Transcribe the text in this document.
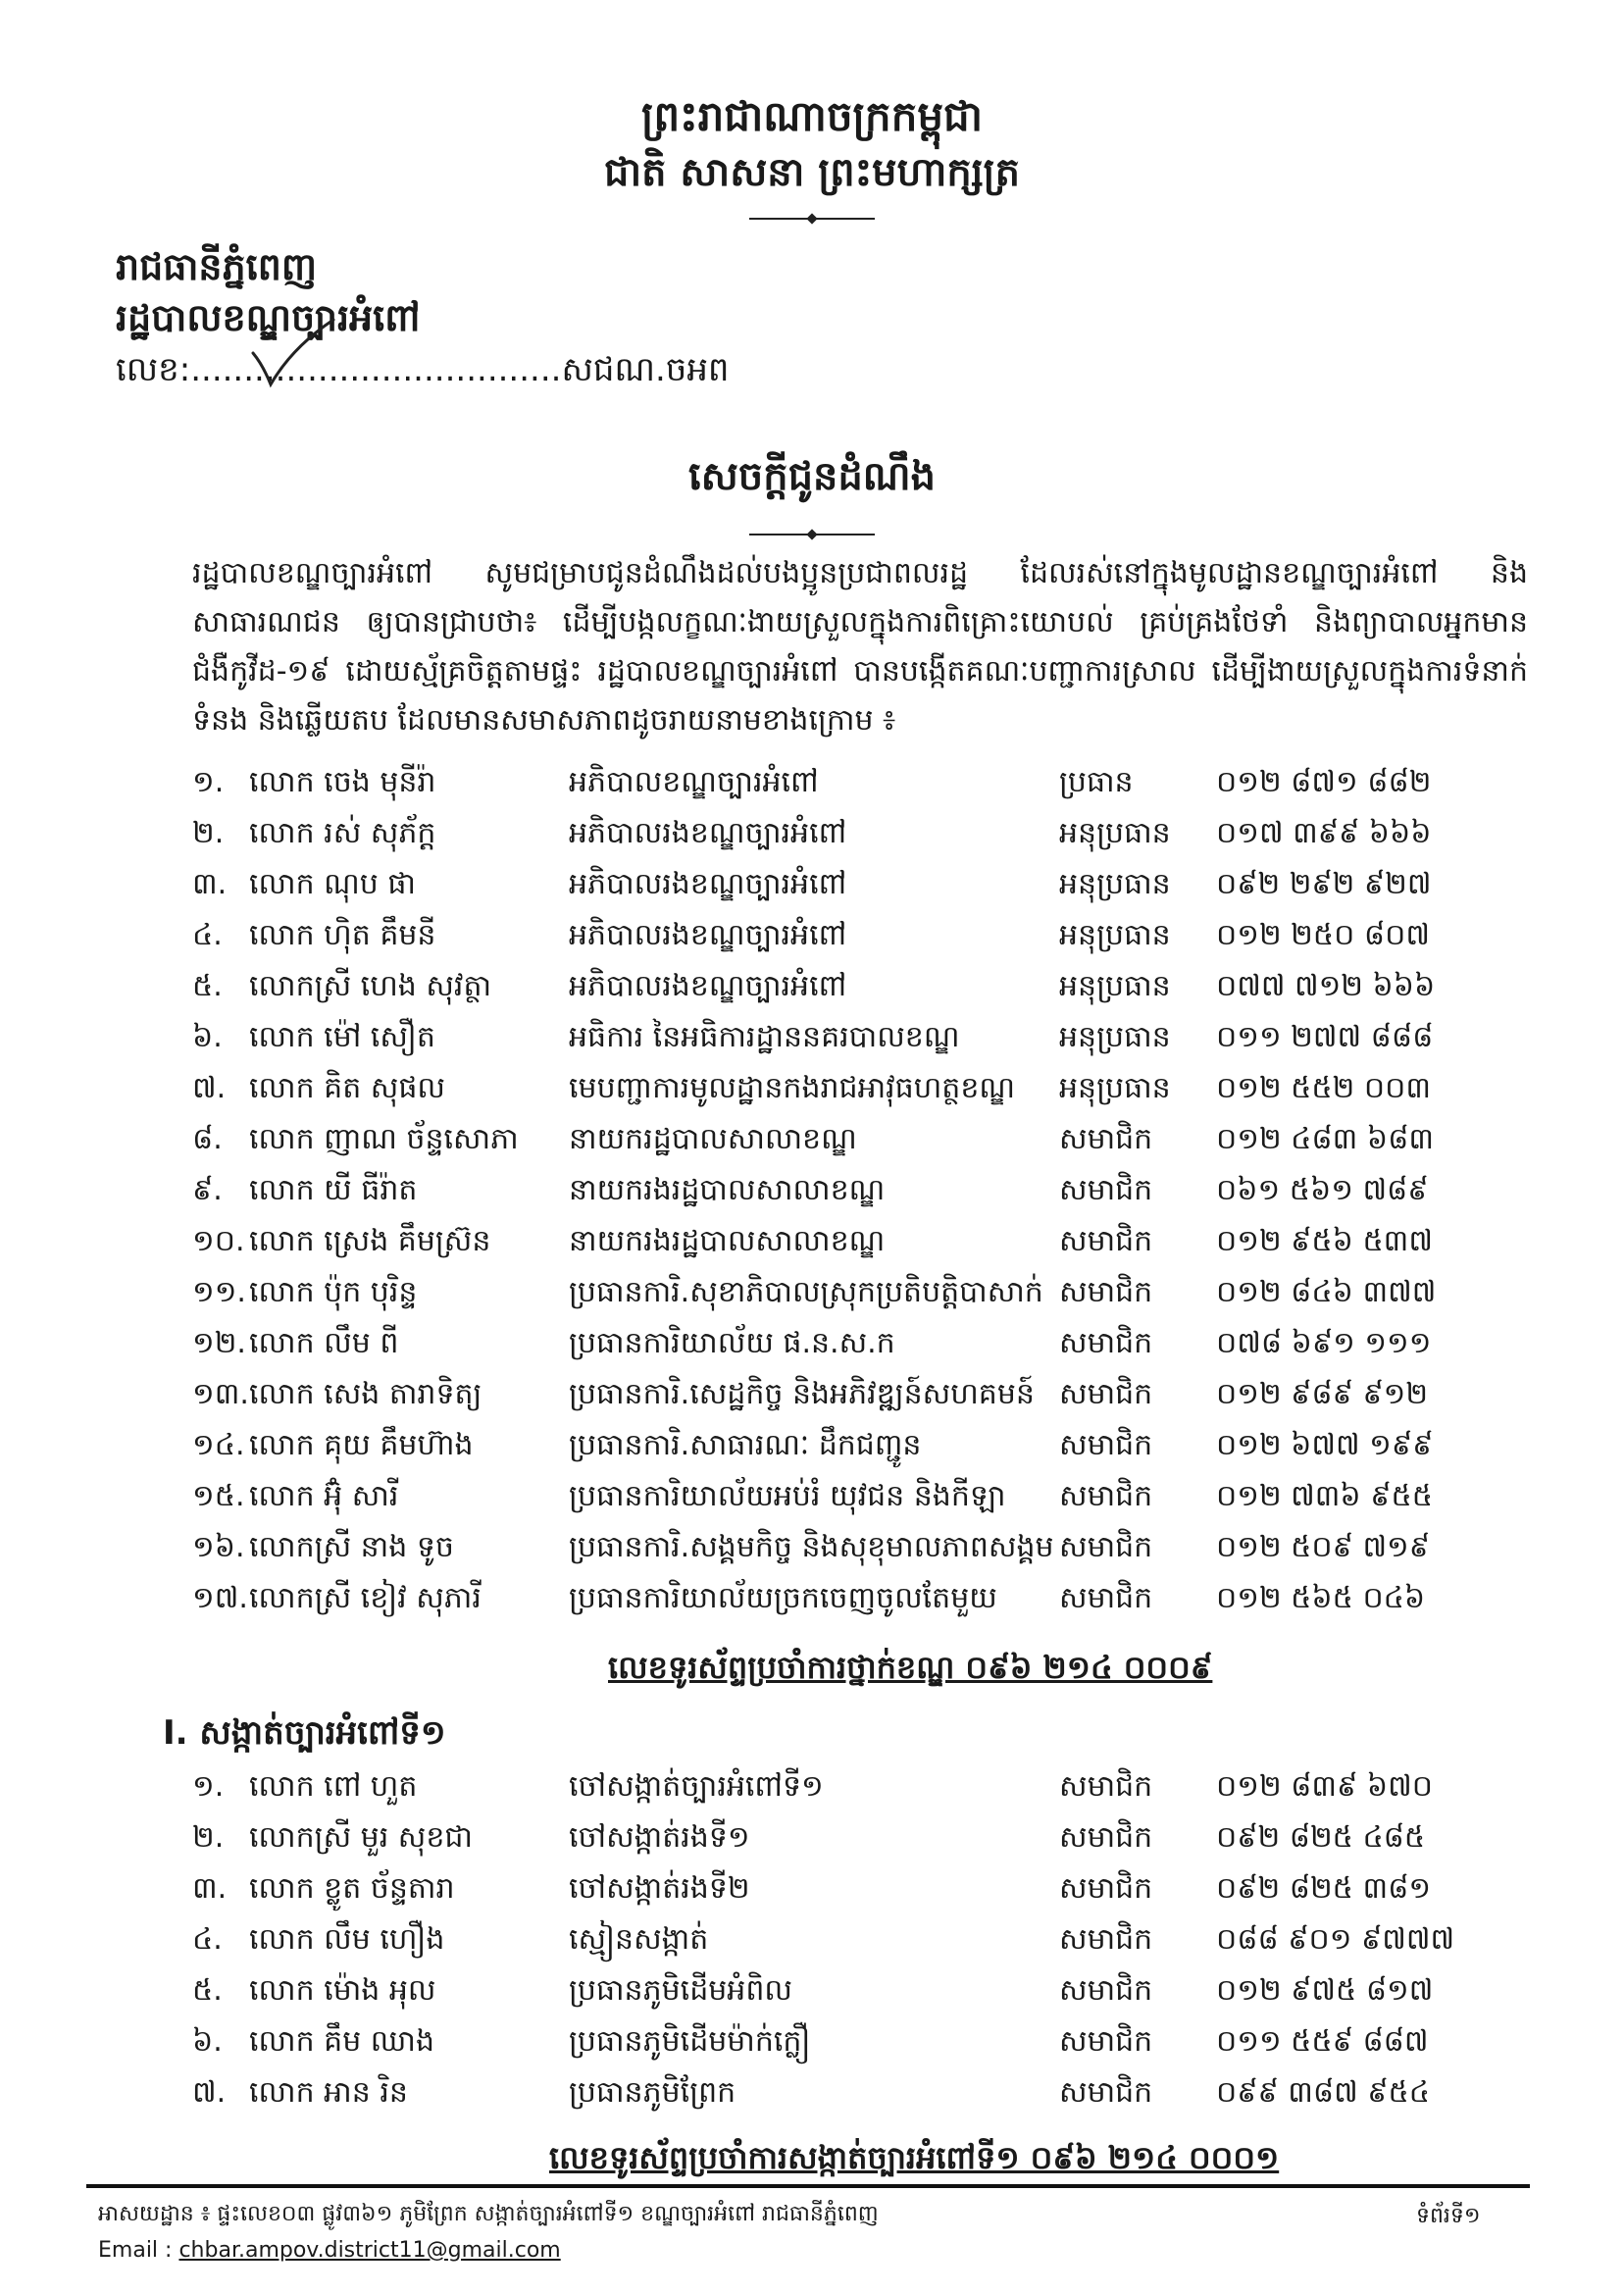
ព្រះរាជាណាចក្រកម្ពុជា
ជាតិ សាសនា ព្រះមហាក្សត្រ
រាជធានីភ្នំពេញ
រដ្ឋបាលខណ្ឌច្បារអំពៅ
លេខ:...................................សជណ.ចអព
សេចក្តីជូនដំណឹង
រដ្ឋបាលខណ្ឌច្បារអំពៅ សូមជម្រាបជូនដំណឹងដល់បងប្អូនប្រជាពលរដ្ឋ ដែលរស់នៅក្នុងមូលដ្ឋានខណ្ឌច្បារអំពៅ និងសាធារណជន ឲ្យបានជ្រាបថា៖ ដើម្បីបង្កលក្ខណៈងាយស្រួលក្នុងការពិគ្រោះយោបល់ គ្រប់គ្រងថែទាំ និងព្យាបាលអ្នកមានជំងឺកូវីដ-១៩ ដោយស្ម័គ្រចិត្តតាមផ្ទះ រដ្ឋបាលខណ្ឌច្បារអំពៅ បានបង្កើតគណៈបញ្ជាការស្រាល ដើម្បីងាយស្រួលក្នុងការទំនាក់ទំនង និងឆ្លើយតប ដែលមានសមាសភាពដូចរាយនាមខាងក្រោម ៖
១. លោក ចេង មុនីរ៉ា	អភិបាលខណ្ឌច្បារអំពៅ	ប្រធាន	០១២ ៨៧១ ៨៨២
២. លោក រស់ សុភ័ក្ត	អភិបាលរងខណ្ឌច្បារអំពៅ	អនុប្រធាន ០១៧ ៣៩៩ ៦៦៦
៣. លោក ណុប ផា	អភិបាលរងខណ្ឌច្បារអំពៅ	អនុប្រធាន ០៩២ ២៩២ ៩២៧
៤. លោក ហ៊ិត គឹមនី	អភិបាលរងខណ្ឌច្បារអំពៅ	អនុប្រធាន ០១២ ២៥០ ៨០៧
៥. លោកស្រី ហេង សុវត្ថា	អភិបាលរងខណ្ឌច្បារអំពៅ	អនុប្រធាន ០៧៧ ៧១២ ៦៦៦
៦. លោក ម៉ៅ សឿត	អធិការ នៃអធិការដ្ឋាននគរបាលខណ្ឌ	អនុប្រធាន ០១១ ២៧៧ ៨៨៨
៧. លោក គិត សុផល	មេបញ្ជាការមូលដ្ឋានកងរាជអាវុធហត្ថខណ្ឌ អនុប្រធាន ០១២ ៥៥២ ០០៣
៨. លោក ញាណ ច័ន្ទសោភា នាយករដ្ឋបាលសាលាខណ្ឌ	សមាជិក ០១២ ៤៨៣ ៦៨៣
៩. លោក យី ធីរ៉ាត	នាយករងរដ្ឋបាលសាលាខណ្ឌ	សមាជិក ០៦១ ៥៦១ ៧៨៩
១០. លោក ស្រេង គឹមស្រ៊ន	នាយករងរដ្ឋបាលសាលាខណ្ឌ	សមាជិក ០១២ ៩៥៦ ៥៣៧
១១. លោក ប៉ុក បុរិន្ទ	ប្រធានការិ.សុខាភិបាលស្រុកប្រតិបត្តិបាសាក់ សមាជិក ០១២ ៨៤៦ ៣៧៧
១២. លោក លឹម ពី	ប្រធានការិយាល័យ ផ.ន.ស.ក	សមាជិក ០៧៨ ៦៩១ ១១១
១៣. លោក សេង តារាទិត្យ	ប្រធានការិ.សេដ្ឋកិច្ច និងអភិវឌ្ឍន៍សហគមន៍ សមាជិក ០១២ ៩៨៩ ៩១២
១៤. លោក គុយ គឹមហ៊ាង	ប្រធានការិ.សាធារណៈ ដឹកជញ្ជូន	សមាជិក ០១២ ៦៧៧ ១៩៩
១៥. លោក អ៊ុំ សារី	ប្រធានការិយាល័យអប់រំ យុវជន និងកីឡា សមាជិក ០១២ ៧៣៦ ៩៥៥
១៦. លោកស្រី នាង ទូច	ប្រធានការិ.សង្គមកិច្ច និងសុខុមាលភាពសង្គម សមាជិក ០១២ ៥០៩ ៧១៩
១៧. លោកស្រី ខៀវ សុភារី	ប្រធានការិយាល័យច្រកចេញចូលតែមួយ សមាជិក ០១២ ៥៦៥ ០៤៦
លេខទូរស័ព្ទប្រចាំការថ្នាក់ខណ្ឌ ០៩៦ ២១៤ ០០០៩
I. សង្កាត់ច្បារអំពៅទី១
១. លោក ពៅ ហួត	ចៅសង្កាត់ច្បារអំពៅទី១	សមាជិក ០១២ ៨៣៩ ៦៧០
២. លោកស្រី មួរ សុខជា	ចៅសង្កាត់រងទី១	សមាជិក ០៩២ ៨២៥ ៤៨៥
៣. លោក ខ្លូត ច័ន្ទតារា	ចៅសង្កាត់រងទី២	សមាជិក ០៩២ ៨២៥ ៣៨១
៤. លោក លឹម ហឿង	ស្មៀនសង្កាត់	សមាជិក ០៨៨ ៩០១ ៩៧៧៧
៥. លោក ម៉ោង អុល	ប្រធានភូមិដើមអំពិល	សមាជិក ០១២ ៩៧៥ ៨១៧
៦. លោក គឹម ឈាង	ប្រធានភូមិដើមម៉ាក់ក្លឿ	សមាជិក ០១១ ៥៥៩ ៨៨៧
៧. លោក អាន រិន	ប្រធានភូមិព្រែក	សមាជិក ០៩៩ ៣៨៧ ៩៥៤
លេខទូរស័ព្ទប្រចាំការសង្កាត់ច្បារអំពៅទី១ ០៩៦ ២១៤ ០០០១
អាសយដ្ឋាន ៖ ផ្ទះលេខ០៣ ផ្លូវ៣៦១ ភូមិព្រែក សង្កាត់ច្បារអំពៅទី១ ខណ្ឌច្បារអំពៅ រាជធានីភ្នំពេញ	ទំព័រទី១
Email : chbar.ampov.district11@gmail.com
